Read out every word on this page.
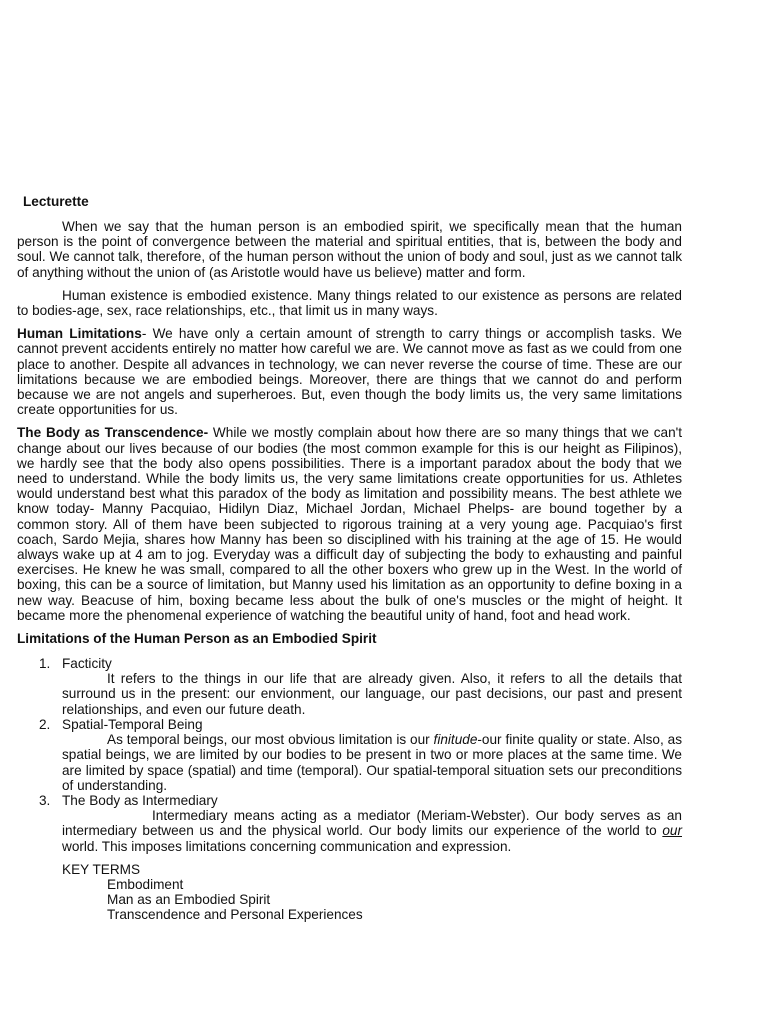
Lecturette

When we say that the human person is an embodied spirit, we specifically mean that the human person is the point of convergence between the material and spiritual entities, that is, between the body and soul. We cannot talk, therefore, of the human person without the union of body and soul, just as we cannot talk of anything without the union of (as Aristotle would have us believe) matter and form.

Human existence is embodied existence. Many things related to our existence as persons are related to bodies-age, sex, race relationships, etc., that limit us in many ways.

Human Limitations- We have only a certain amount of strength to carry things or accomplish tasks. We cannot prevent accidents entirely no matter how careful we are. We cannot move as fast as we could from one place to another. Despite all advances in technology, we can never reverse the course of time. These are our limitations because we are embodied beings. Moreover, there are things that we cannot do and perform because we are not angels and superheroes. But, even though the body limits us, the very same limitations create opportunities for us.

The Body as Transcendence- While we mostly complain about how there are so many things that we can't change about our lives because of our bodies (the most common example for this is our height as Filipinos), we hardly see that the body also opens possibilities. There is a important paradox about the body that we need to understand. While the body limits us, the very same limitations create opportunities for us. Athletes would understand best what this paradox of the body as limitation and possibility means. The best athlete we know today- Manny Pacquiao, Hidilyn Diaz, Michael Jordan, Michael Phelps- are bound together by a common story. All of them have been subjected to rigorous training at a very young age. Pacquiao's first coach, Sardo Mejia, shares how Manny has been so disciplined with his training at the age of 15. He would always wake up at 4 am to jog. Everyday was a difficult day of subjecting the body to exhausting and painful exercises. He knew he was small, compared to all the other boxers who grew up in the West. In the world of boxing, this can be a source of limitation, but Manny used his limitation as an opportunity to define boxing in a new way. Beacuse of him, boxing became less about the bulk of one's muscles or the might of height. It became more the phenomenal experience of watching the beautiful unity of hand, foot and head work.

Limitations of the Human Person as an Embodied Spirit
1. Facticity
It refers to the things in our life that are already given. Also, it refers to all the details that surround us in the present: our envionment, our language, our past decisions, our past and present relationships, and even our future death.
2. Spatial-Temporal Being
As temporal beings, our most obvious limitation is our finitude-our finite quality or state. Also, as spatial beings, we are limited by our bodies to be present in two or more places at the same time. We are limited by space (spatial) and time (temporal). Our spatial-temporal situation sets our preconditions of understanding.
3. The Body as Intermediary
Intermediary means acting as a mediator (Meriam-Webster). Our body serves as an intermediary between us and the physical world. Our body limits our experience of the world to our world. This imposes limitations concerning communication and expression.
KEY TERMS
Embodiment
Man as an Embodied Spirit
Transcendence and Personal Experiences
